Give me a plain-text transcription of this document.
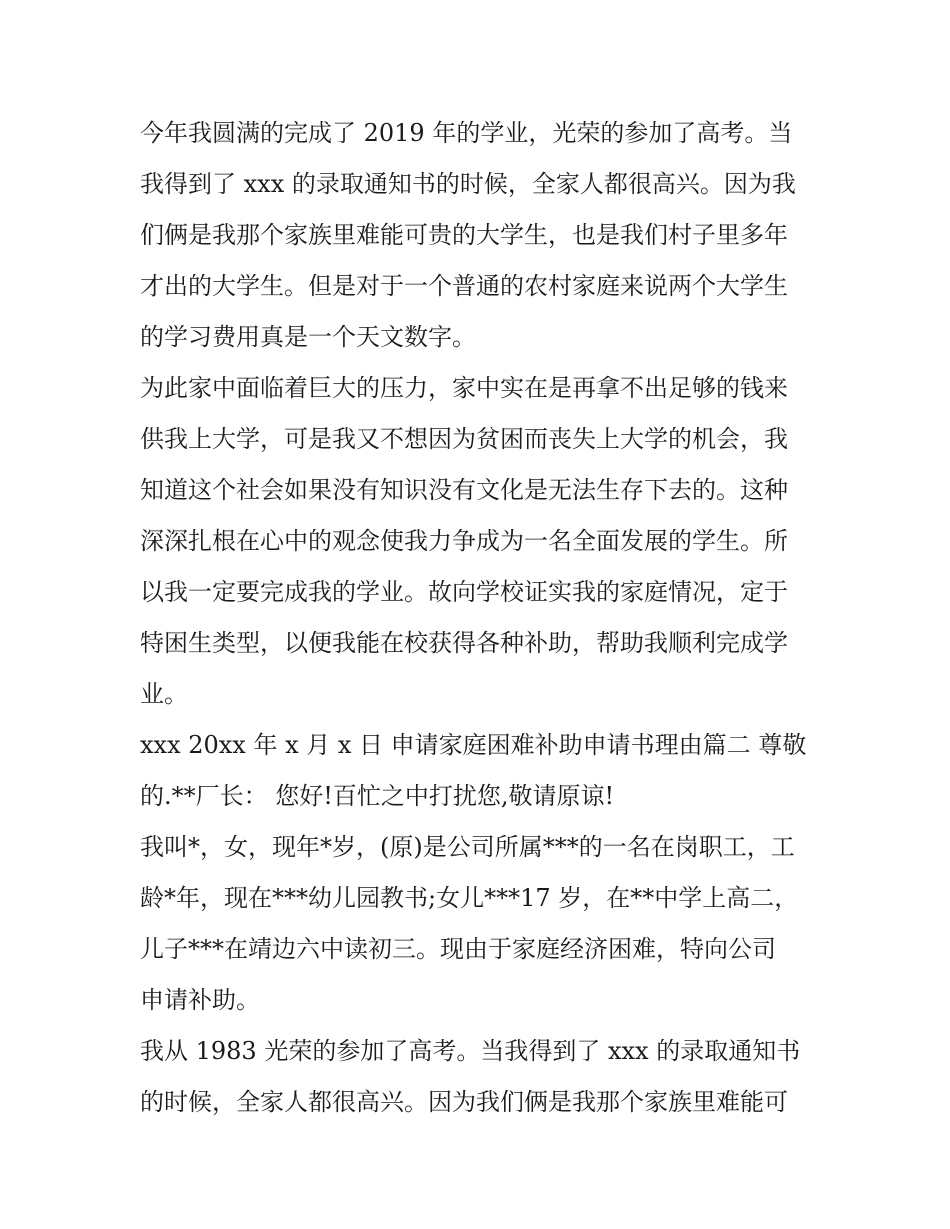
今年我圆满的完成了 2019 年的学业，光荣的参加了高考。当
我得到了 xxx 的录取通知书的时候，全家人都很高兴。因为我
们俩是我那个家族里难能可贵的大学生，也是我们村子里多年
才出的大学生。但是对于一个普通的农村家庭来说两个大学生
的学习费用真是一个天文数字。
为此家中面临着巨大的压力，家中实在是再拿不出足够的钱来
供我上大学，可是我又不想因为贫困而丧失上大学的机会，我
知道这个社会如果没有知识没有文化是无法生存下去的。这种
深深扎根在心中的观念使我力争成为一名全面发展的学生。所
以我一定要完成我的学业。故向学校证实我的家庭情况，定于
特困生类型，以便我能在校获得各种补助，帮助我顺利完成学
业。
xxx 20xx 年 x 月 x 日 申请家庭困难补助申请书理由篇二 尊敬
的.**厂长： 您好!百忙之中打扰您,敬请原谅!
我叫*，女，现年*岁，(原)是公司所属***的一名在岗职工，工
龄*年，现在***幼儿园教书;女儿***17 岁，在**中学上高二，
儿子***在靖边六中读初三。现由于家庭经济困难，特向公司
申请补助。
我从 1983 光荣的参加了高考。当我得到了 xxx 的录取通知书
的时候，全家人都很高兴。因为我们俩是我那个家族里难能可
